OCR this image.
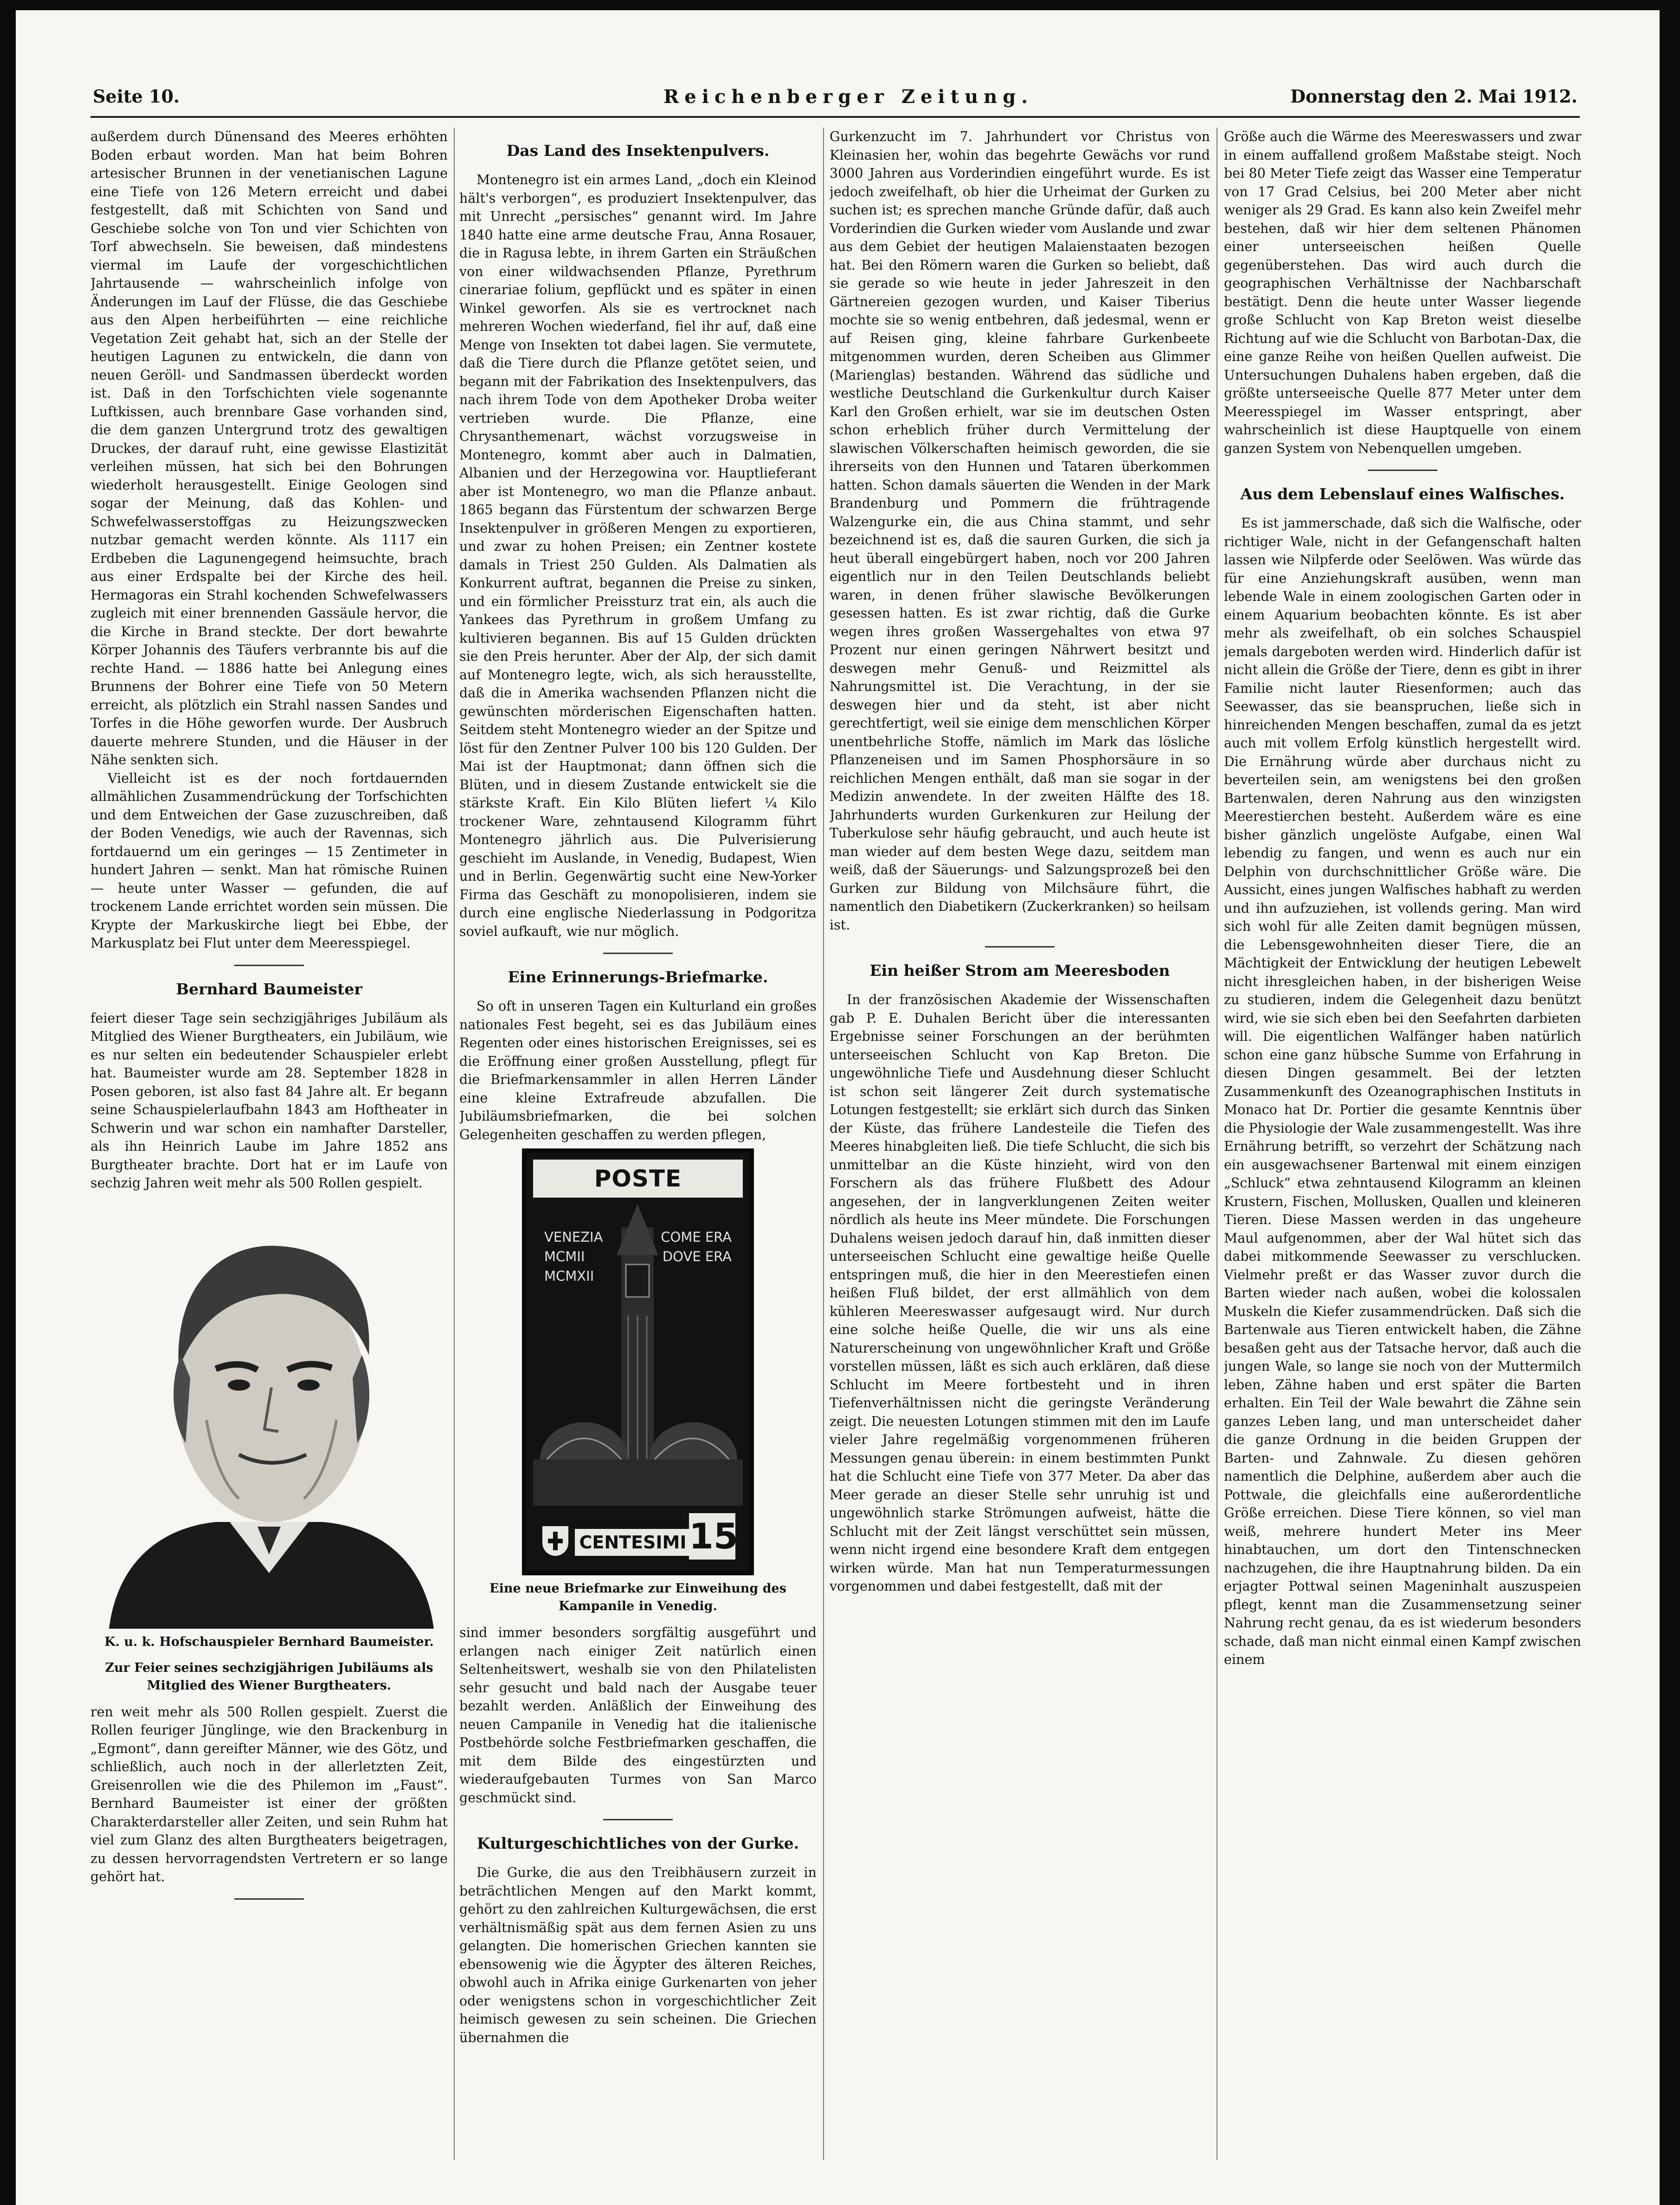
Seite 10.	Reichenberger Zeitung.	Donnerstag den 2. Mai 1912.

außerdem durch Dünensand des Meeres erhöhten Boden erbaut worden. Man hat beim Bohren artesischer Brunnen in der venetianischen Lagune eine Tiefe von 126 Metern erreicht und dabei festgestellt, daß mit Schichten von Sand und Geschiebe solche von Ton und vier Schichten von Torf abwechseln. Sie beweisen, daß mindestens viermal im Laufe der vorgeschichtlichen Jahrtausende — wahrscheinlich infolge von Änderungen im Lauf der Flüsse, die das Geschiebe aus den Alpen herbeiführten — eine reichliche Vegetation Zeit gehabt hat, sich an der Stelle der heutigen Lagunen zu entwickeln, die dann von neuen Geröll- und Sandmassen überdeckt worden ist. Daß in den Torfschichten viele sogenannte Luftkissen, auch brennbare Gase vorhanden sind, die dem ganzen Untergrund trotz des gewaltigen Druckes, der darauf ruht, eine gewisse Elastizität verleihen müssen, hat sich bei den Bohrungen wiederholt herausgestellt. Einige Geologen sind sogar der Meinung, daß das Kohlen- und Schwefelwasserstoffgas zu Heizungszwecken nutzbar gemacht werden könnte. Als 1117 ein Erdbeben die Lagunengegend heimsuchte, brach aus einer Erdspalte bei der Kirche des heil. Hermagoras ein Strahl kochenden Schwefelwassers zugleich mit einer brennenden Gassäule hervor, die die Kirche in Brand steckte. Der dort bewahrte Körper Johannis des Täufers verbrannte bis auf die rechte Hand. — 1886 hatte bei Anlegung eines Brunnens der Bohrer eine Tiefe von 50 Metern erreicht, als plötzlich ein Strahl nassen Sandes und Torfes in die Höhe geworfen wurde. Der Ausbruch dauerte mehrere Stunden, und die Häuser in der Nähe senkten sich.

Vielleicht ist es der noch fortdauernden allmählichen Zusammendrückung der Torfschichten und dem Entweichen der Gase zuzuschreiben, daß der Boden Venedigs, wie auch der Ravennas, sich fortdauernd um ein geringes — 15 Zentimeter in hundert Jahren — senkt. Man hat römische Ruinen — heute unter Wasser — gefunden, die auf trockenem Lande errichtet worden sein müssen. Die Krypte der Markuskirche liegt bei Ebbe, der Markusplatz bei Flut unter dem Meeresspiegel.

Bernhard Baumeister

feiert dieser Tage sein sechzigjähriges Jubiläum als Mitglied des Wiener Burgtheaters, ein Jubiläum, wie es nur selten ein bedeutender Schauspieler erlebt hat. Baumeister wurde am 28. September 1828 in Posen geboren, ist also fast 84 Jahre alt. Er begann seine Schauspielerlaufbahn 1843 am Hoftheater in Schwerin und war schon ein namhafter Darsteller, als ihn Heinrich Laube im Jahre 1852 ans Burgtheater brachte. Dort hat er im Laufe von sechzig Jahren weit mehr als 500 Rollen gespielt.

K. u. k. Hofschauspieler Bernhard Baumeister.
Zur Feier seines sechzigjährigen Jubiläums als Mitglied des Wiener Burgtheaters.

ren weit mehr als 500 Rollen gespielt. Zuerst die Rollen feuriger Jünglinge, wie den Brackenburg in „Egmont“, dann gereifter Männer, wie des Götz, und schließlich, auch noch in der allerletzten Zeit, Greisenrollen wie die des Philemon im „Faust“. Bernhard Baumeister ist einer der größten Charakterdarsteller aller Zeiten, und sein Ruhm hat viel zum Glanz des alten Burgtheaters beigetragen, zu dessen hervorragendsten Vertretern er so lange gehört hat.

Das Land des Insektenpulvers.

Montenegro ist ein armes Land, „doch ein Kleinod hält's verborgen“, es produziert Insektenpulver, das mit Unrecht „persisches“ genannt wird. Im Jahre 1840 hatte eine arme deutsche Frau, Anna Rosauer, die in Ragusa lebte, in ihrem Garten ein Sträußchen von einer wildwachsenden Pflanze, Pyrethrum cinerariae folium, gepflückt und es später in einen Winkel geworfen. Als sie es vertrocknet nach mehreren Wochen wiederfand, fiel ihr auf, daß eine Menge von Insekten tot dabei lagen. Sie vermutete, daß die Tiere durch die Pflanze getötet seien, und begann mit der Fabrikation des Insektenpulvers, das nach ihrem Tode von dem Apotheker Droba weiter vertrieben wurde. Die Pflanze, eine Chrysanthemenart, wächst vorzugsweise in Montenegro, kommt aber auch in Dalmatien, Albanien und der Herzegowina vor. Hauptlieferant aber ist Montenegro, wo man die Pflanze anbaut. 1865 begann das Fürstentum der schwarzen Berge Insektenpulver in größeren Mengen zu exportieren, und zwar zu hohen Preisen; ein Zentner kostete damals in Triest 250 Gulden. Als Dalmatien als Konkurrent auftrat, begannen die Preise zu sinken, und ein förmlicher Preissturz trat ein, als auch die Yankees das Pyrethrum in großem Umfang zu kultivieren begannen. Bis auf 15 Gulden drückten sie den Preis herunter. Aber der Alp, der sich damit auf Montenegro legte, wich, als sich herausstellte, daß die in Amerika wachsenden Pflanzen nicht die gewünschten mörderischen Eigenschaften hatten. Seitdem steht Montenegro wieder an der Spitze und löst für den Zentner Pulver 100 bis 120 Gulden. Der Mai ist der Hauptmonat; dann öffnen sich die Blüten, und in diesem Zustande entwickelt sie die stärkste Kraft. Ein Kilo Blüten liefert ¼ Kilo trockener Ware, zehntausend Kilogramm führt Montenegro jährlich aus. Die Pulverisierung geschieht im Auslande, in Venedig, Budapest, Wien und in Berlin. Gegenwärtig sucht eine New-Yorker Firma das Geschäft zu monopolisieren, indem sie durch eine englische Niederlassung in Podgoritza soviel aufkauft, wie nur möglich.

Eine Erinnerungs-Briefmarke.

So oft in unseren Tagen ein Kulturland ein großes nationales Fest begeht, sei es das Jubiläum eines Regenten oder eines historischen Ereignisses, sei es die Eröffnung einer großen Ausstellung, pflegt für die Briefmarkensammler in allen Herren Länder eine kleine Extrafreude abzufallen. Die Jubiläumsbriefmarken, die bei solchen Gelegenheiten geschaffen zu werden pflegen,

POSTE
VENEZIA
MCMII
MCMXII
COME ERA
DOVE ERA
CENTESIMI 15
Eine neue Briefmarke zur Einweihung des Kampanile in Venedig.

sind immer besonders sorgfältig ausgeführt und erlangen nach einiger Zeit natürlich einen Seltenheitswert, weshalb sie von den Philatelisten sehr gesucht und bald nach der Ausgabe teuer bezahlt werden. Anläßlich der Einweihung des neuen Campanile in Venedig hat die italienische Postbehörde solche Festbriefmarken geschaffen, die mit dem Bilde des eingestürzten und wiederaufgebauten Turmes von San Marco geschmückt sind.

Kulturgeschichtliches von der Gurke.

Die Gurke, die aus den Treibhäusern zurzeit in beträchtlichen Mengen auf den Markt kommt, gehört zu den zahlreichen Kulturgewächsen, die erst verhältnismäßig spät aus dem fernen Asien zu uns gelangten. Die homerischen Griechen kannten sie ebensowenig wie die Ägypter des älteren Reiches, obwohl auch in Afrika einige Gurkenarten von jeher oder wenigstens schon in vorgeschichtlicher Zeit heimisch gewesen zu sein scheinen. Die Griechen übernahmen die

Gurkenzucht im 7. Jahrhundert vor Christus von Kleinasien her, wohin das begehrte Gewächs vor rund 3000 Jahren aus Vorderindien eingeführt wurde. Es ist jedoch zweifelhaft, ob hier die Urheimat der Gurken zu suchen ist; es sprechen manche Gründe dafür, daß auch Vorderindien die Gurken wieder vom Auslande und zwar aus dem Gebiet der heutigen Malaienstaaten bezogen hat. Bei den Römern waren die Gurken so beliebt, daß sie gerade so wie heute in jeder Jahreszeit in den Gärtnereien gezogen wurden, und Kaiser Tiberius mochte sie so wenig entbehren, daß jedesmal, wenn er auf Reisen ging, kleine fahrbare Gurkenbeete mitgenommen wurden, deren Scheiben aus Glimmer (Marienglas) bestanden. Während das südliche und westliche Deutschland die Gurkenkultur durch Kaiser Karl den Großen erhielt, war sie im deutschen Osten schon erheblich früher durch Vermittelung der slawischen Völkerschaften heimisch geworden, die sie ihrerseits von den Hunnen und Tataren überkommen hatten. Schon damals säuerten die Wenden in der Mark Brandenburg und Pommern die frühtragende Walzengurke ein, die aus China stammt, und sehr bezeichnend ist es, daß die sauren Gurken, die sich ja heut überall eingebürgert haben, noch vor 200 Jahren eigentlich nur in den Teilen Deutschlands beliebt waren, in denen früher slawische Bevölkerungen gesessen hatten. Es ist zwar richtig, daß die Gurke wegen ihres großen Wassergehaltes von etwa 97 Prozent nur einen geringen Nährwert besitzt und deswegen mehr Genuß- und Reizmittel als Nahrungsmittel ist. Die Verachtung, in der sie deswegen hier und da steht, ist aber nicht gerechtfertigt, weil sie einige dem menschlichen Körper unentbehrliche Stoffe, nämlich im Mark das lösliche Pflanzeneisen und im Samen Phosphorsäure in so reichlichen Mengen enthält, daß man sie sogar in der Medizin anwendete. In der zweiten Hälfte des 18. Jahrhunderts wurden Gurkenkuren zur Heilung der Tuberkulose sehr häufig gebraucht, und auch heute ist man wieder auf dem besten Wege dazu, seitdem man weiß, daß der Säuerungs- und Salzungsprozeß bei den Gurken zur Bildung von Milchsäure führt, die namentlich den Diabetikern (Zuckerkranken) so heilsam ist.

Ein heißer Strom am Meeresboden

In der französischen Akademie der Wissenschaften gab P. E. Duhalen Bericht über die interessanten Ergebnisse seiner Forschungen an der berühmten unterseeischen Schlucht von Kap Breton. Die ungewöhnliche Tiefe und Ausdehnung dieser Schlucht ist schon seit längerer Zeit durch systematische Lotungen festgestellt; sie erklärt sich durch das Sinken der Küste, das frühere Landesteile die Tiefen des Meeres hinabgleiten ließ. Die tiefe Schlucht, die sich bis unmittelbar an die Küste hinzieht, wird von den Forschern als das frühere Flußbett des Adour angesehen, der in langverklungenen Zeiten weiter nördlich als heute ins Meer mündete. Die Forschungen Duhalens weisen jedoch darauf hin, daß inmitten dieser unterseeischen Schlucht eine gewaltige heiße Quelle entspringen muß, die hier in den Meerestiefen einen heißen Fluß bildet, der erst allmählich von dem kühleren Meereswasser aufgesaugt wird. Nur durch eine solche heiße Quelle, die wir uns als eine Naturerscheinung von ungewöhnlicher Kraft und Größe vorstellen müssen, läßt es sich auch erklären, daß diese Schlucht im Meere fortbesteht und in ihren Tiefenverhältnissen nicht die geringste Veränderung zeigt. Die neuesten Lotungen stimmen mit den im Laufe vieler Jahre regelmäßig vorgenommenen früheren Messungen genau überein: in einem bestimmten Punkt hat die Schlucht eine Tiefe von 377 Meter. Da aber das Meer gerade an dieser Stelle sehr unruhig ist und ungewöhnlich starke Strömungen aufweist, hätte die Schlucht mit der Zeit längst verschüttet sein müssen, wenn nicht irgend eine besondere Kraft dem entgegen wirken würde. Man hat nun Temperaturmessungen vorgenommen und dabei festgestellt, daß mit der

Größe auch die Wärme des Meereswassers und zwar in einem auffallend großem Maßstabe steigt. Noch bei 80 Meter Tiefe zeigt das Wasser eine Temperatur von 17 Grad Celsius, bei 200 Meter aber nicht weniger als 29 Grad. Es kann also kein Zweifel mehr bestehen, daß wir hier dem seltenen Phänomen einer unterseeischen heißen Quelle gegenüberstehen. Das wird auch durch die geographischen Verhältnisse der Nachbarschaft bestätigt. Denn die heute unter Wasser liegende große Schlucht von Kap Breton weist dieselbe Richtung auf wie die Schlucht von Barbotan-Dax, die eine ganze Reihe von heißen Quellen aufweist. Die Untersuchungen Duhalens haben ergeben, daß die größte unterseeische Quelle 877 Meter unter dem Meeresspiegel im Wasser entspringt, aber wahrscheinlich ist diese Hauptquelle von einem ganzen System von Nebenquellen umgeben.

Aus dem Lebenslauf eines Walfisches.

Es ist jammerschade, daß sich die Walfische, oder richtiger Wale, nicht in der Gefangenschaft halten lassen wie Nilpferde oder Seelöwen. Was würde das für eine Anziehungskraft ausüben, wenn man lebende Wale in einem zoologischen Garten oder in einem Aquarium beobachten könnte. Es ist aber mehr als zweifelhaft, ob ein solches Schauspiel jemals dargeboten werden wird. Hinderlich dafür ist nicht allein die Größe der Tiere, denn es gibt in ihrer Familie nicht lauter Riesenformen; auch das Seewasser, das sie beanspruchen, ließe sich in hinreichenden Mengen beschaffen, zumal da es jetzt auch mit vollem Erfolg künstlich hergestellt wird. Die Ernährung würde aber durchaus nicht zu beverteilen sein, am wenigstens bei den großen Bartenwalen, deren Nahrung aus den winzigsten Meerestierchen besteht. Außerdem wäre es eine bisher gänzlich ungelöste Aufgabe, einen Wal lebendig zu fangen, und wenn es auch nur ein Delphin von durchschnittlicher Größe wäre. Die Aussicht, eines jungen Walfisches habhaft zu werden und ihn aufzuziehen, ist vollends gering. Man wird sich wohl für alle Zeiten damit begnügen müssen, die Lebensgewohnheiten dieser Tiere, die an Mächtigkeit der Entwicklung der heutigen Lebewelt nicht ihresgleichen haben, in der bisherigen Weise zu studieren, indem die Gelegenheit dazu benützt wird, wie sie sich eben bei den Seefahrten darbieten will. Die eigentlichen Walfänger haben natürlich schon eine ganz hübsche Summe von Erfahrung in diesen Dingen gesammelt. Bei der letzten Zusammenkunft des Ozeanographischen Instituts in Monaco hat Dr. Portier die gesamte Kenntnis über die Physiologie der Wale zusammengestellt. Was ihre Ernährung betrifft, so verzehrt der Schätzung nach ein ausgewachsener Bartenwal mit einem einzigen „Schluck“ etwa zehntausend Kilogramm an kleinen Krustern, Fischen, Mollusken, Quallen und kleineren Tieren. Diese Massen werden in das ungeheure Maul aufgenommen, aber der Wal hütet sich das dabei mitkommende Seewasser zu verschlucken. Vielmehr preßt er das Wasser zuvor durch die Barten wieder nach außen, wobei die kolossalen Muskeln die Kiefer zusammendrücken. Daß sich die Bartenwale aus Tieren entwickelt haben, die Zähne besaßen geht aus der Tatsache hervor, daß auch die jungen Wale, so lange sie noch von der Muttermilch leben, Zähne haben und erst später die Barten erhalten. Ein Teil der Wale bewahrt die Zähne sein ganzes Leben lang, und man unterscheidet daher die ganze Ordnung in die beiden Gruppen der Barten- und Zahnwale. Zu diesen gehören namentlich die Delphine, außerdem aber auch die Pottwale, die gleichfalls eine außerordentliche Größe erreichen. Diese Tiere können, so viel man weiß, mehrere hundert Meter ins Meer hinabtauchen, um dort den Tintenschnecken nachzugehen, die ihre Hauptnahrung bilden. Da ein erjagter Pottwal seinen Mageninhalt auszuspeien pflegt, kennt man die Zusammensetzung seiner Nahrung recht genau, da es ist wiederum besonders schade, daß man nicht einmal einen Kampf zwischen einem
